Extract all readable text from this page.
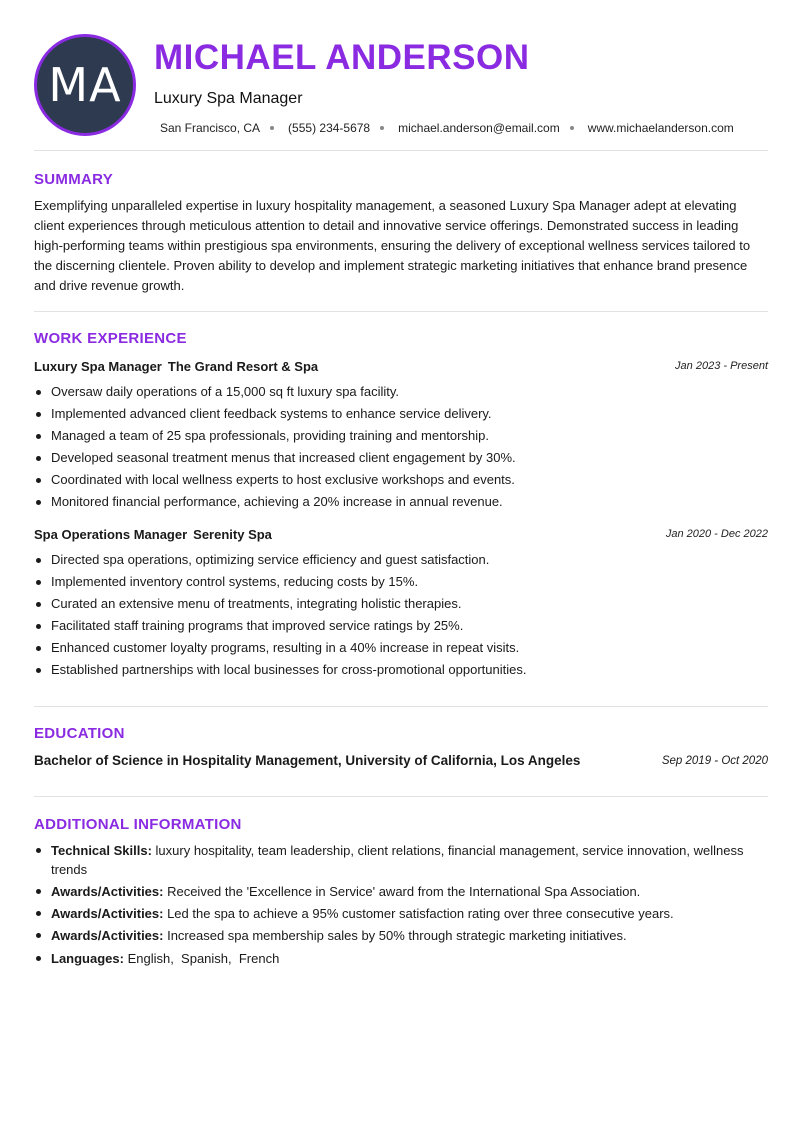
MA
MICHAEL ANDERSON
Luxury Spa Manager
San Francisco, CA (555) 234-5678 michael.anderson@email.com www.michaelanderson.com
SUMMARY
Exemplifying unparalleled expertise in luxury hospitality management, a seasoned Luxury Spa Manager adept at elevating client experiences through meticulous attention to detail and innovative service offerings. Demonstrated success in leading high-performing teams within prestigious spa environments, ensuring the delivery of exceptional wellness services tailored to the discerning clientele. Proven ability to develop and implement strategic marketing initiatives that enhance brand presence and drive revenue growth.
WORK EXPERIENCE
Luxury Spa Manager The Grand Resort & Spa	Jan 2023 - Present
Oversaw daily operations of a 15,000 sq ft luxury spa facility.
Implemented advanced client feedback systems to enhance service delivery.
Managed a team of 25 spa professionals, providing training and mentorship.
Developed seasonal treatment menus that increased client engagement by 30%.
Coordinated with local wellness experts to host exclusive workshops and events.
Monitored financial performance, achieving a 20% increase in annual revenue.
Spa Operations Manager Serenity Spa	Jan 2020 - Dec 2022
Directed spa operations, optimizing service efficiency and guest satisfaction.
Implemented inventory control systems, reducing costs by 15%.
Curated an extensive menu of treatments, integrating holistic therapies.
Facilitated staff training programs that improved service ratings by 25%.
Enhanced customer loyalty programs, resulting in a 40% increase in repeat visits.
Established partnerships with local businesses for cross-promotional opportunities.
EDUCATION
Bachelor of Science in Hospitality Management, University of California, Los Angeles	Sep 2019 - Oct 2020
ADDITIONAL INFORMATION
Technical Skills: luxury hospitality, team leadership, client relations, financial management, service innovation, wellness trends
Awards/Activities: Received the 'Excellence in Service' award from the International Spa Association.
Awards/Activities: Led the spa to achieve a 95% customer satisfaction rating over three consecutive years.
Awards/Activities: Increased spa membership sales by 50% through strategic marketing initiatives.
Languages: English,  Spanish,  French
